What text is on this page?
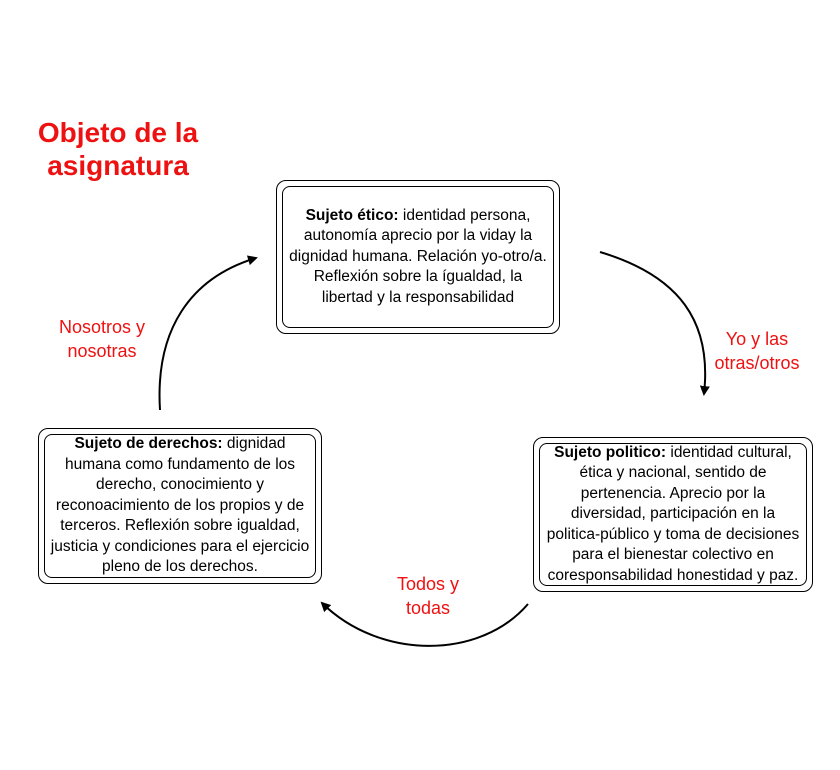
Objeto de la asignatura
Sujeto ético: identidad persona, autonomía aprecio por la viday la dignidad humana. Relación yo-otro/a. Reflexión sobre la ígualdad, la libertad y la responsabilidad
Sujeto politico: identidad cultural, ética y nacional, sentido de pertenencia. Aprecio por la diversidad, participación en la politica-público y toma de decisiones para el bienestar colectivo en coresponsabilidad honestidad y paz.
Sujeto de derechos: dignidad humana como fundamento de los derecho, conocimiento y reconoacimiento de los propios y de terceros. Reflexión sobre igualdad, justicia y condiciones para el ejercicio pleno de los derechos.
Yo y las otras/otros
Todos y todas
Nosotros y nosotras
